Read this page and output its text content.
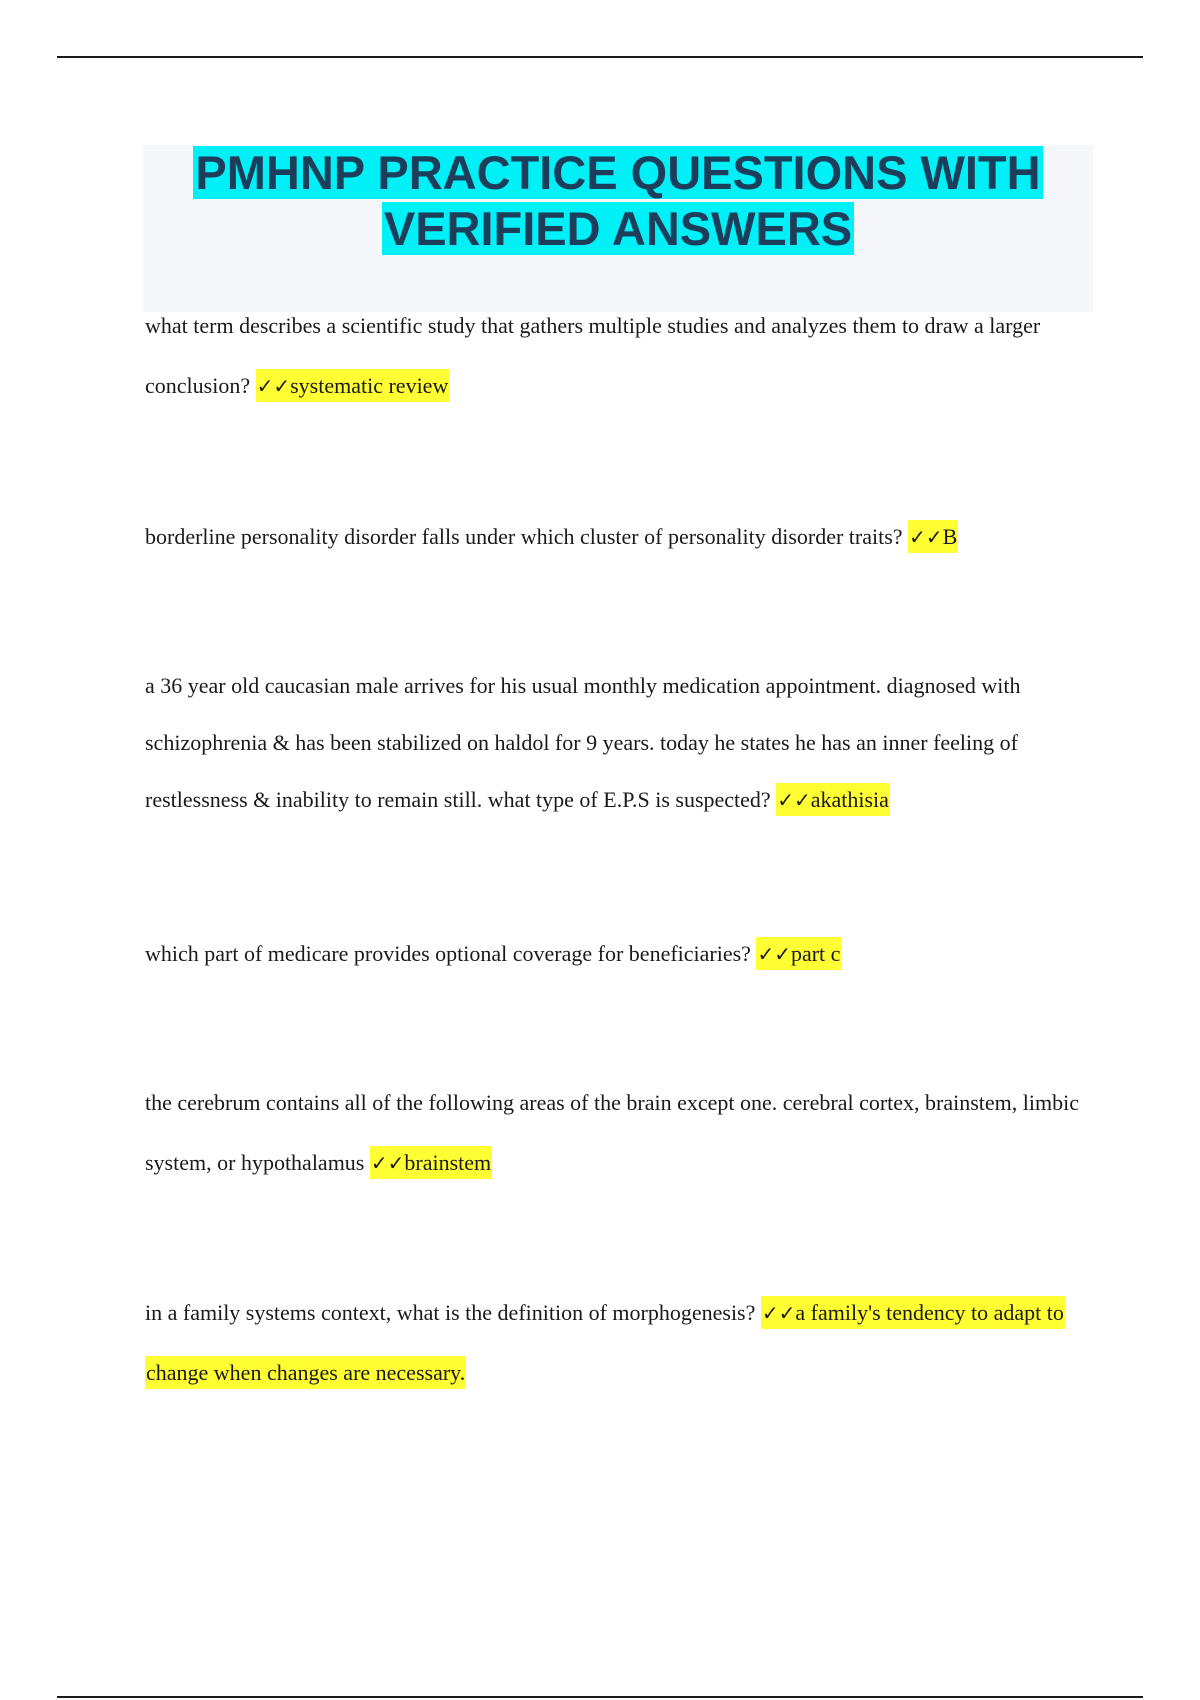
PMHNP PRACTICE QUESTIONS WITH VERIFIED ANSWERS

what term describes a scientific study that gathers multiple studies and analyzes them to draw a larger conclusion? ✓✓systematic review

borderline personality disorder falls under which cluster of personality disorder traits? ✓✓B

a 36 year old caucasian male arrives for his usual monthly medication appointment. diagnosed with schizophrenia & has been stabilized on haldol for 9 years. today he states he has an inner feeling of restlessness & inability to remain still. what type of E.P.S is suspected? ✓✓akathisia

which part of medicare provides optional coverage for beneficiaries? ✓✓part c

the cerebrum contains all of the following areas of the brain except one. cerebral cortex, brainstem, limbic system, or hypothalamus ✓✓brainstem

in a family systems context, what is the definition of morphogenesis? ✓✓a family's tendency to adapt to change when changes are necessary.
